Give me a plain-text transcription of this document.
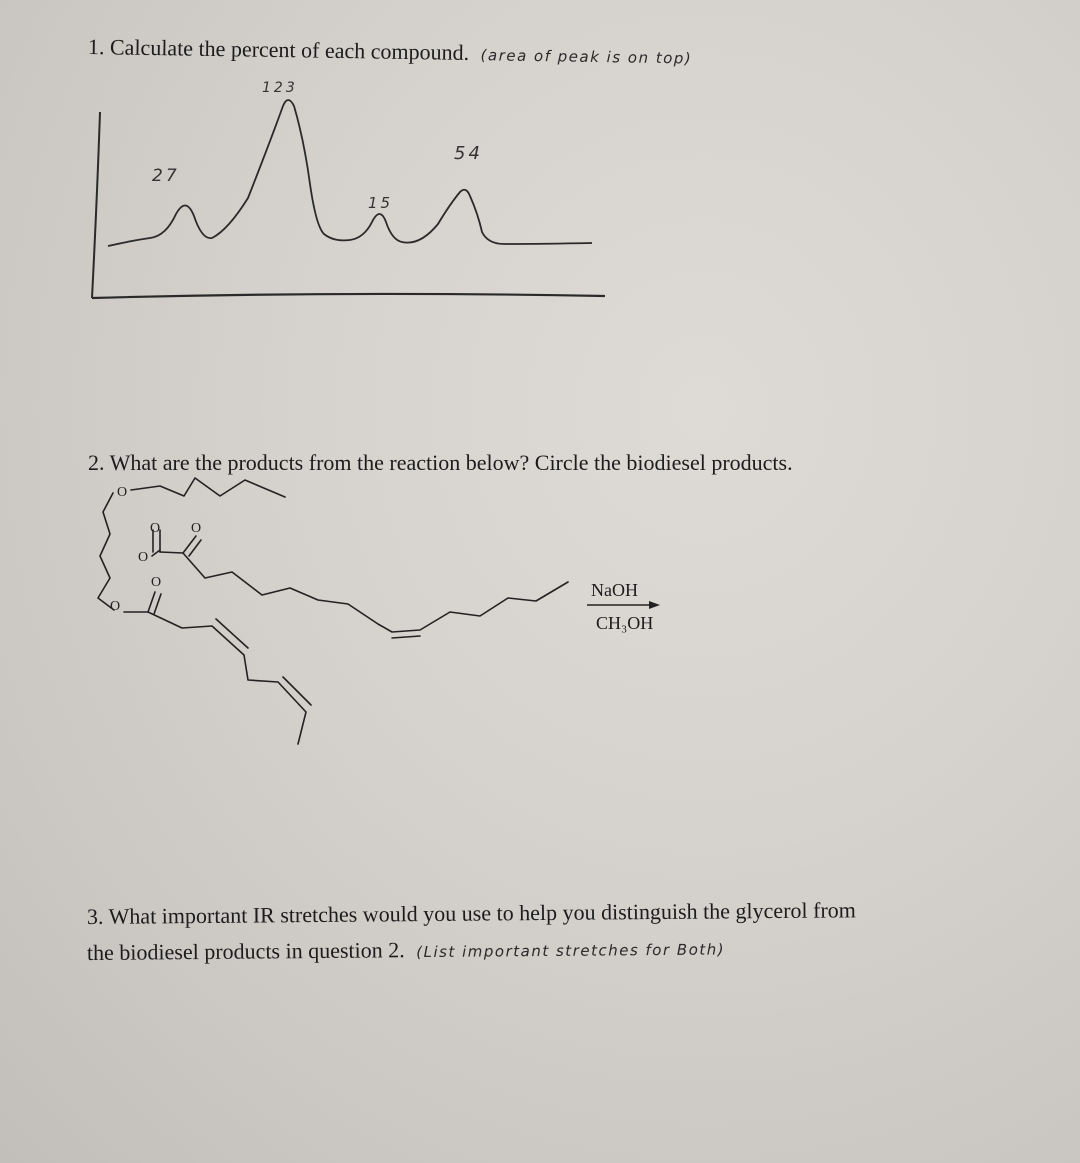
1. Calculate the percent of each compound. (area of peak is on top)
27
123
15
54
2. What are the products from the reaction below? Circle the biodiesel products.
O
O O
O
O
O
NaOH
CH₃OH
3. What important IR stretches would you use to help you distinguish the glycerol from
the biodiesel products in question 2. (List important stretches for Both)
